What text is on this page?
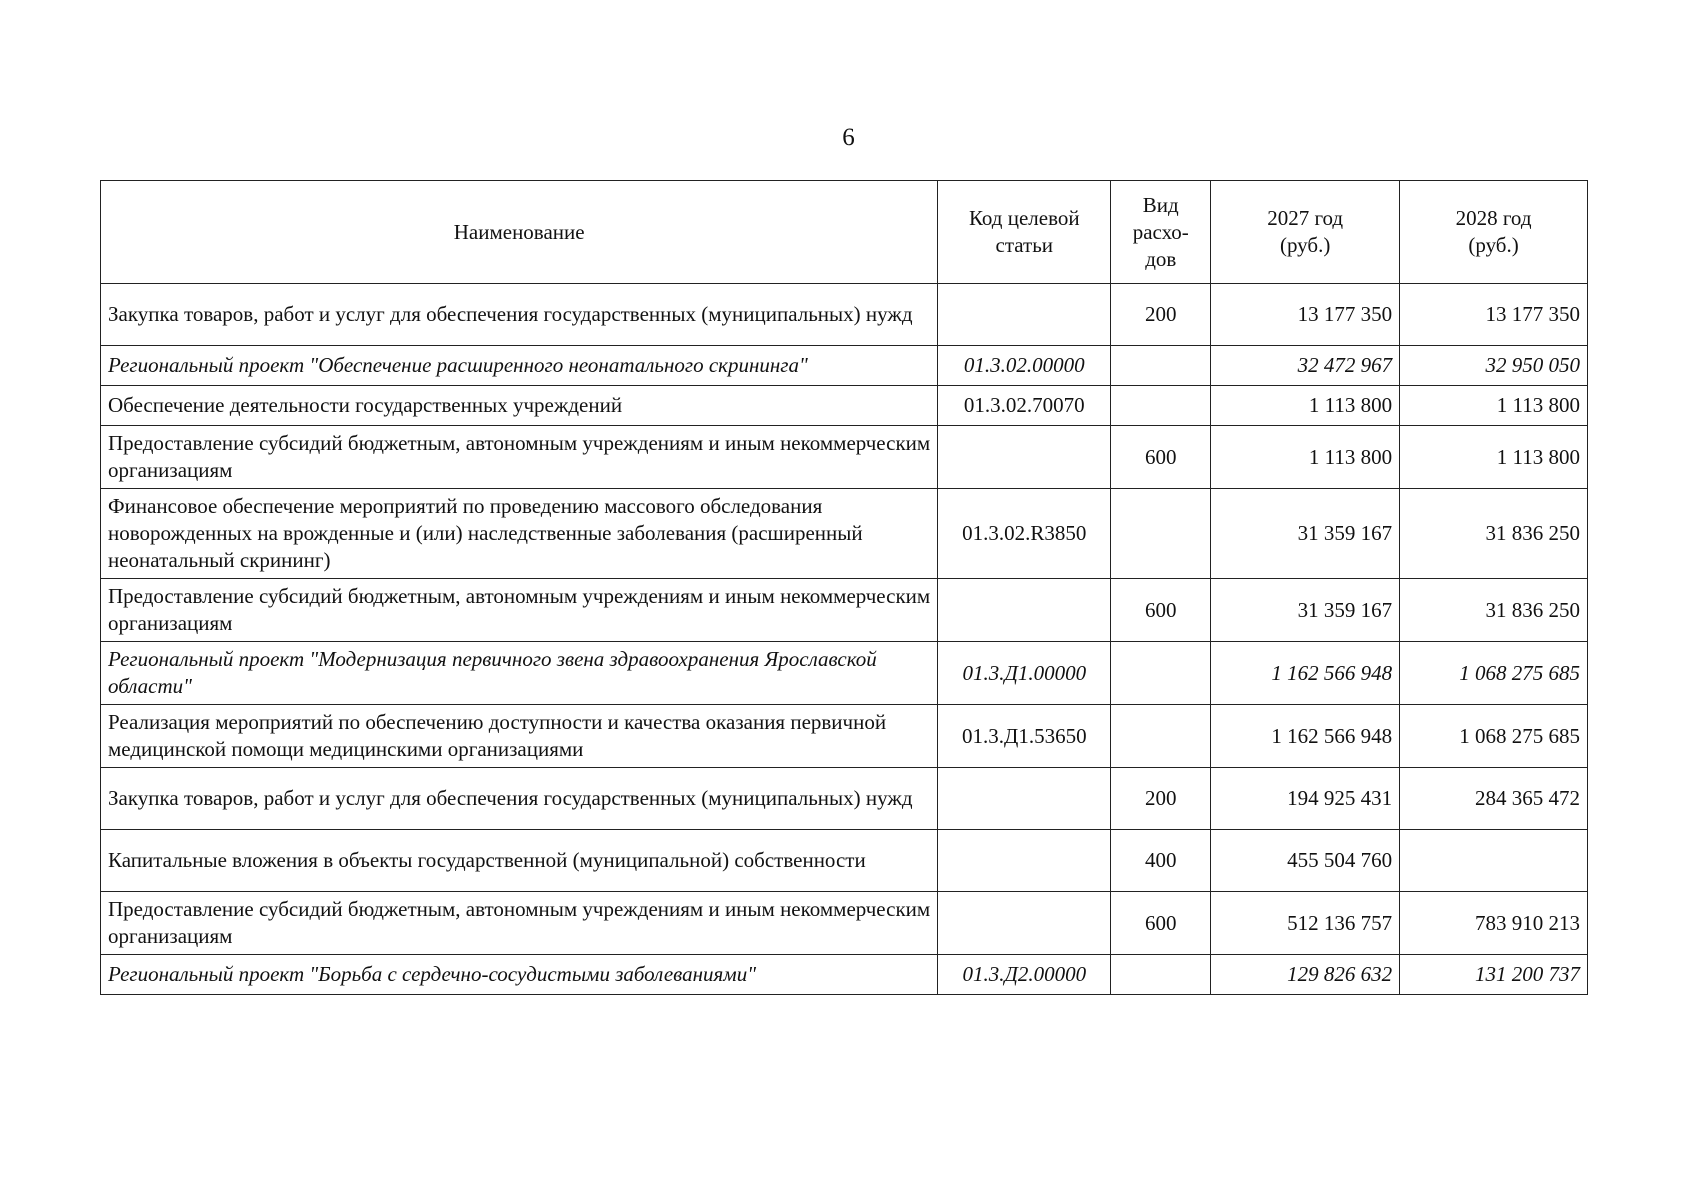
6
Наименование	Код целевой статьи	Вид расхо-дов	2027 год (руб.)	2028 год (руб.)
Закупка товаров, работ и услуг для обеспечения государственных (муниципальных) нужд		200	13 177 350	13 177 350
Региональный проект "Обеспечение расширенного неонатального скрининга"	01.3.02.00000		32 472 967	32 950 050
Обеспечение деятельности государственных учреждений	01.3.02.70070		1 113 800	1 113 800
Предоставление субсидий бюджетным, автономным учреждениям и иным некоммерческим организациям		600	1 113 800	1 113 800
Финансовое обеспечение мероприятий по проведению массового обследования новорожденных на врожденные и (или) наследственные заболевания (расширенный неонатальный скрининг)	01.3.02.R3850		31 359 167	31 836 250
Предоставление субсидий бюджетным, автономным учреждениям и иным некоммерческим организациям		600	31 359 167	31 836 250
Региональный проект "Модернизация первичного звена здравоохранения Ярославской области"	01.3.Д1.00000		1 162 566 948	1 068 275 685
Реализация мероприятий по обеспечению доступности и качества оказания первичной медицинской помощи медицинскими организациями	01.3.Д1.53650		1 162 566 948	1 068 275 685
Закупка товаров, работ и услуг для обеспечения государственных (муниципальных) нужд		200	194 925 431	284 365 472
Капитальные вложения в объекты государственной (муниципальной) собственности		400	455 504 760	
Предоставление субсидий бюджетным, автономным учреждениям и иным некоммерческим организациям		600	512 136 757	783 910 213
Региональный проект "Борьба с сердечно-сосудистыми заболеваниями"	01.3.Д2.00000		129 826 632	131 200 737
